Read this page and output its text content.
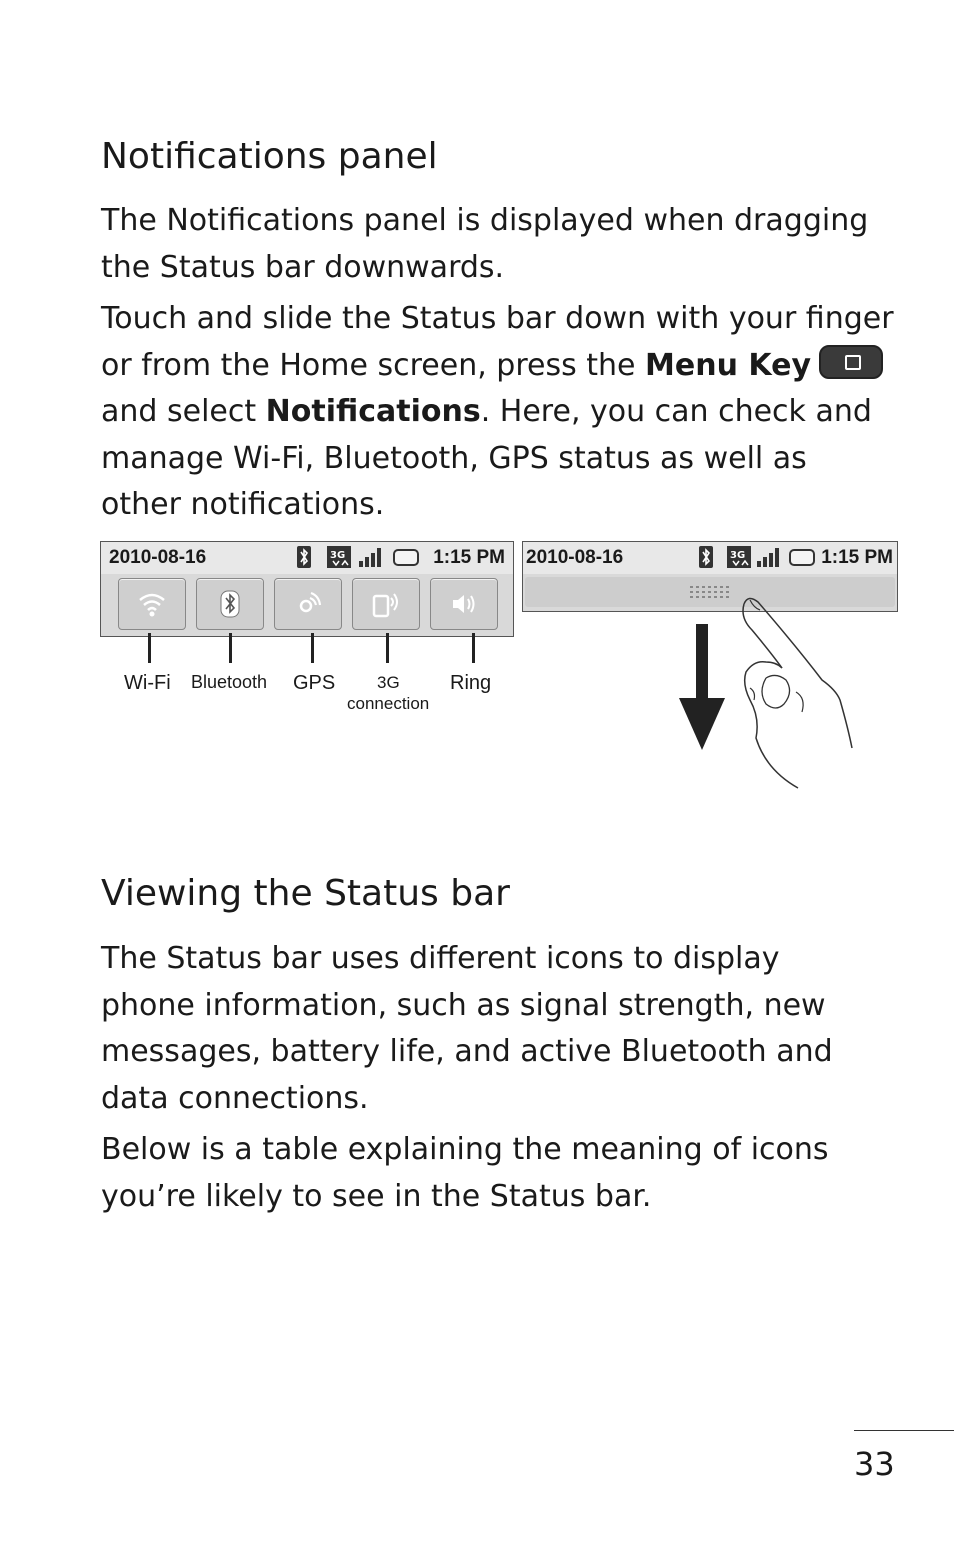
Notifications panel

The Notifications panel is displayed when dragging

the Status bar downwards.

Touch and slide the Status bar down with your finger

or from the Home screen, press the Menu Key

and select Notifications. Here, you can check and

manage Wi-Fi, Bluetooth, GPS status as well as

other notifications.

2010-08-16	3G	1:15 PM
Wi-Fi Bluetooth GPS 3G
connection
Ring
2010-08-16	3G	1:15 PM
Viewing the Status bar

The Status bar uses different icons to display

phone information, such as signal strength, new

messages, battery life, and active Bluetooth and

data connections.

Below is a table explaining the meaning of icons

you’re likely to see in the Status bar.

33
